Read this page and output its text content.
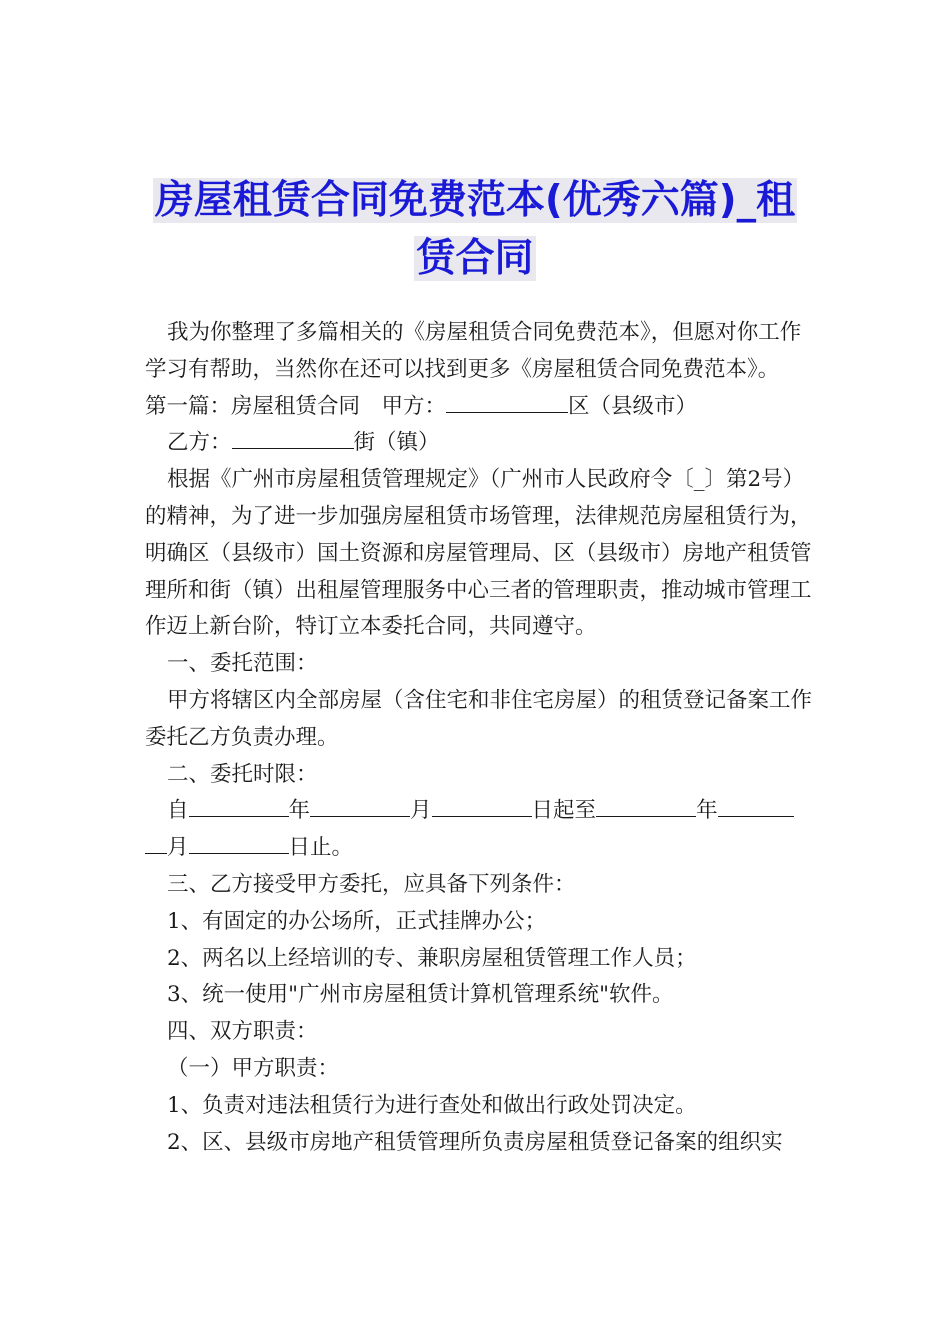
房屋租赁合同免费范本(优秀六篇)_租
赁合同

我为你整理了多篇相关的《房屋租赁合同免费范本》，但愿对你工作学习有帮助，当然你在还可以找到更多《房屋租赁合同免费范本》。

第一篇：房屋租赁合同　甲方：	区（县级市）

乙方：	街（镇）

根据《广州市房屋租赁管理规定》（广州市人民政府令〔_〕第2号）的精神，为了进一步加强房屋租赁市场管理，法律规范房屋租赁行为，明确区（县级市）国土资源和房屋管理局、区（县级市）房地产租赁管理所和街（镇）出租屋管理服务中心三者的管理职责，推动城市管理工作迈上新台阶，特订立本委托合同，共同遵守。

一、委托范围：

甲方将辖区内全部房屋（含住宅和非住宅房屋）的租赁登记备案工作委托乙方负责办理。

二、委托时限：

自	年	月	日起至	年
月	日止。

三、乙方接受甲方委托，应具备下列条件：

1、有固定的办公场所，正式挂牌办公；

2、两名以上经培训的专、兼职房屋租赁管理工作人员；

3、统一使用"广州市房屋租赁计算机管理系统"软件。

四、双方职责：

（一）甲方职责：

1、负责对违法租赁行为进行查处和做出行政处罚决定。

2、区、县级市房地产租赁管理所负责房屋租赁登记备案的组织实
